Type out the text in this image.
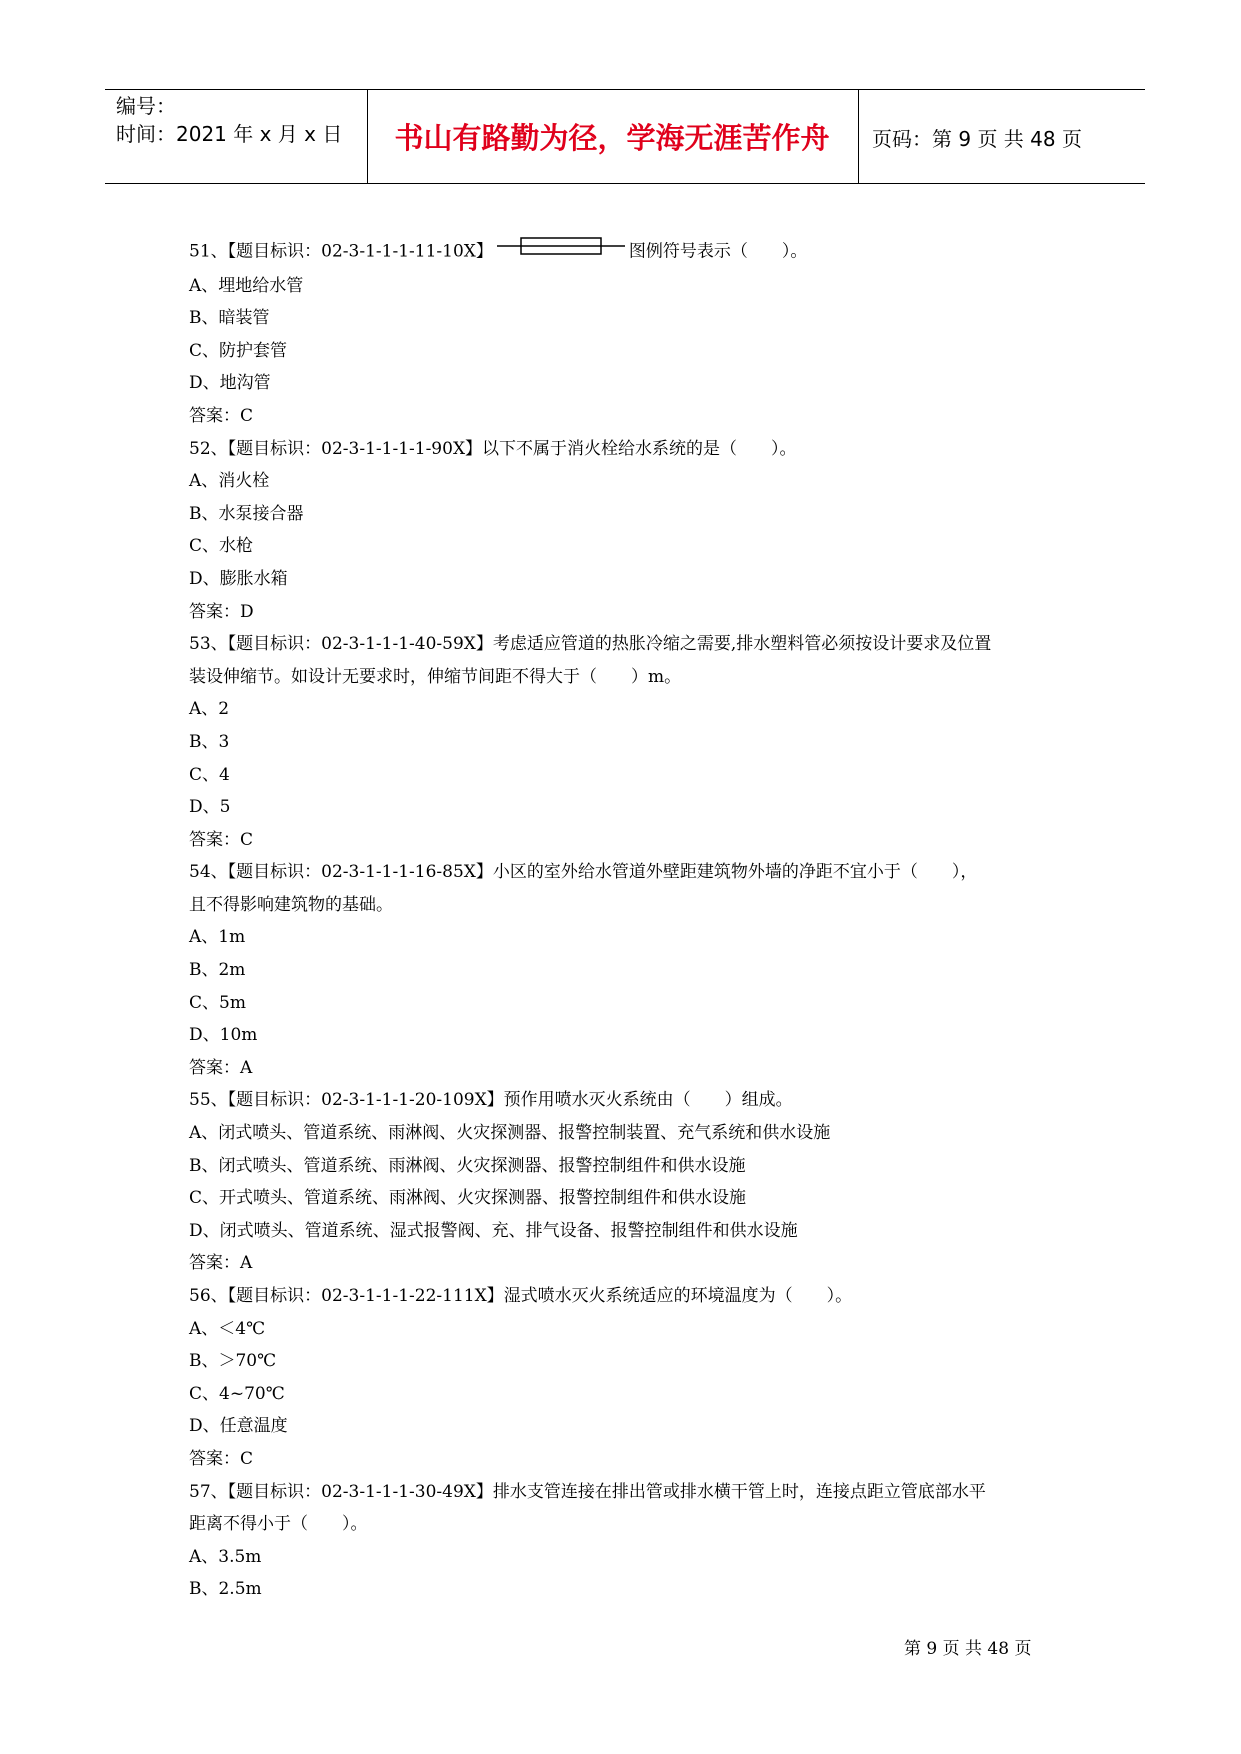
编号：
时间：2021 年 x 月 x 日	书山有路勤为径，学海无涯苦作舟	页码：第 9 页 共 48 页
51、【题目标识：02-3-1-1-1-11-10X】	图例符号表示（　　）。
A、埋地给水管
B、暗装管
C、防护套管
D、地沟管
答案：C
52、【题目标识：02-3-1-1-1-1-90X】以下不属于消火栓给水系统的是（　　）。
A、消火栓
B、水泵接合器
C、水枪
D、膨胀水箱
答案：D
53、【题目标识：02-3-1-1-1-40-59X】考虑适应管道的热胀冷缩之需要,排水塑料管必须按设计要求及位置
装设伸缩节。如设计无要求时，伸缩节间距不得大于（　　）m。
A、2
B、3
C、4
D、5
答案：C
54、【题目标识：02-3-1-1-1-16-85X】小区的室外给水管道外壁距建筑物外墙的净距不宜小于（　　），
且不得影响建筑物的基础。
A、1m
B、2m
C、5m
D、10m
答案：A
55、【题目标识：02-3-1-1-1-20-109X】预作用喷水灭火系统由（　　）组成。
A、闭式喷头、管道系统、雨淋阀、火灾探测器、报警控制装置、充气系统和供水设施
B、闭式喷头、管道系统、雨淋阀、火灾探测器、报警控制组件和供水设施
C、开式喷头、管道系统、雨淋阀、火灾探测器、报警控制组件和供水设施
D、闭式喷头、管道系统、湿式报警阀、充、排气设备、报警控制组件和供水设施
答案：A
56、【题目标识：02-3-1-1-1-22-111X】湿式喷水灭火系统适应的环境温度为（　　）。
A、＜4℃
B、＞70℃
C、4~70℃
D、任意温度
答案：C
57、【题目标识：02-3-1-1-1-30-49X】排水支管连接在排出管或排水横干管上时，连接点距立管底部水平
距离不得小于（　　）。
A、3.5m
B、2.5m
第 9 页 共 48 页
